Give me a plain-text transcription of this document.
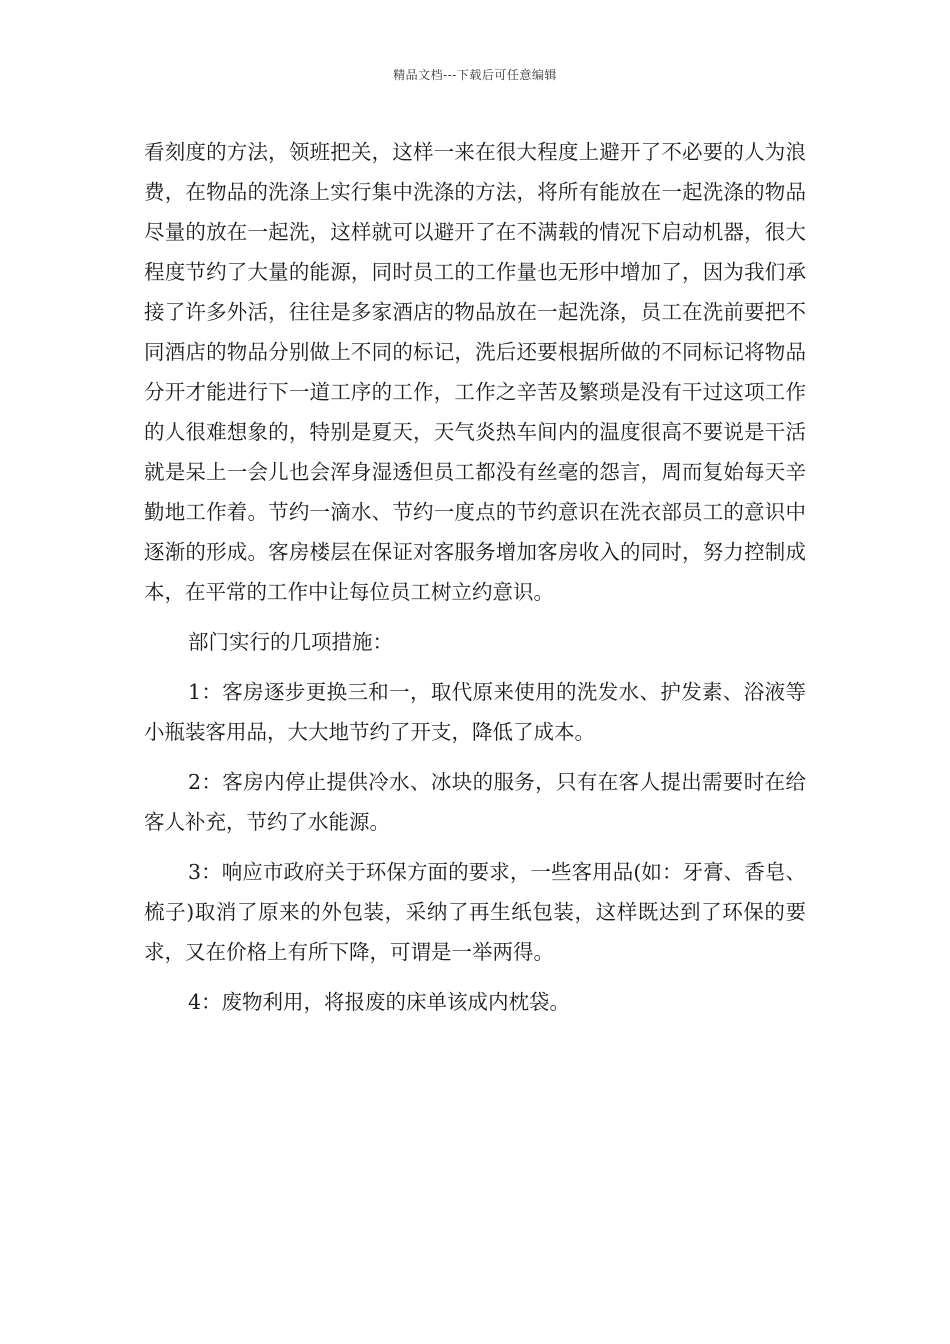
精品文档---下载后可任意编辑

看刻度的方法，领班把关，这样一来在很大程度上避开了不必要的人为浪费，在物品的洗涤上实行集中洗涤的方法，将所有能放在一起洗涤的物品尽量的放在一起洗，这样就可以避开了在不满载的情况下启动机器，很大程度节约了大量的能源，同时员工的工作量也无形中增加了，因为我们承接了许多外活，往往是多家酒店的物品放在一起洗涤，员工在洗前要把不同酒店的物品分别做上不同的标记，洗后还要根据所做的不同标记将物品分开才能进行下一道工序的工作，工作之辛苦及繁琐是没有干过这项工作的人很难想象的，特别是夏天，天气炎热车间内的温度很高不要说是干活就是呆上一会儿也会浑身湿透但员工都没有丝毫的怨言，周而复始每天辛勤地工作着。节约一滴水、节约一度点的节约意识在洗衣部员工的意识中逐渐的形成。客房楼层在保证对客服务增加客房收入的同时，努力控制成本，在平常的工作中让每位员工树立约意识。

部门实行的几项措施：

1：客房逐步更换三和一，取代原来使用的洗发水、护发素、浴液等小瓶装客用品，大大地节约了开支，降低了成本。

2：客房内停止提供冷水、冰块的服务，只有在客人提出需要时在给客人补充，节约了水能源。

3：响应市政府关于环保方面的要求，一些客用品(如：牙膏、香皂、梳子)取消了原来的外包装，采纳了再生纸包装，这样既达到了环保的要求，又在价格上有所下降，可谓是一举两得。

4：废物利用，将报废的床单该成内枕袋。
